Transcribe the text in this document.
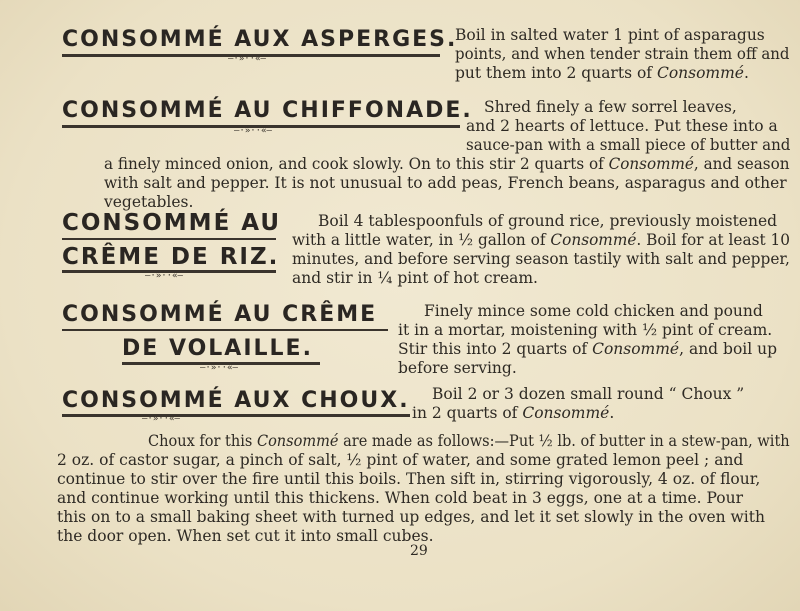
CONSOMMÉ AUX ASPERGES.
—·»··«—
Boil in salted water 1 pint of asparagus
points, and when tender strain them off and
put them into 2 quarts of Consommé.
CONSOMMÉ AU CHIFFONADE.
—·»··«—
Shred finely a few sorrel leaves,
and 2 hearts of lettuce. Put these into a
sauce-pan with a small piece of butter and
a finely minced onion, and cook slowly. On to this stir 2 quarts of Consommé, and season
with salt and pepper. It is not unusual to add peas, French beans, asparagus and other
vegetables.
CONSOMMÉ AU
CRÊME DE RIZ.
—·»··«—
Boil 4 tablespoonfuls of ground rice, previously moistened
with a little water, in ½ gallon of Consommé. Boil for at least 10
minutes, and before serving season tastily with salt and pepper,
and stir in ¼ pint of hot cream.
CONSOMMÉ AU CRÊME
DE VOLAILLE.
—·»··«—
Finely mince some cold chicken and pound
it in a mortar, moistening with ½ pint of cream.
Stir this into 2 quarts of Consommé, and boil up
before serving.
CONSOMMÉ AUX CHOUX.
—·»··«—
Boil 2 or 3 dozen small round “ Choux ”
in 2 quarts of Consommé.
Choux for this Consommé are made as follows:—Put ½ lb. of butter in a stew-pan, with
2 oz. of castor sugar, a pinch of salt, ½ pint of water, and some grated lemon peel ; and
continue to stir over the fire until this boils. Then sift in, stirring vigorously, 4 oz. of flour,
and continue working until this thickens. When cold beat in 3 eggs, one at a time. Pour
this on to a small baking sheet with turned up edges, and let it set slowly in the oven with
the door open. When set cut it into small cubes.
29
